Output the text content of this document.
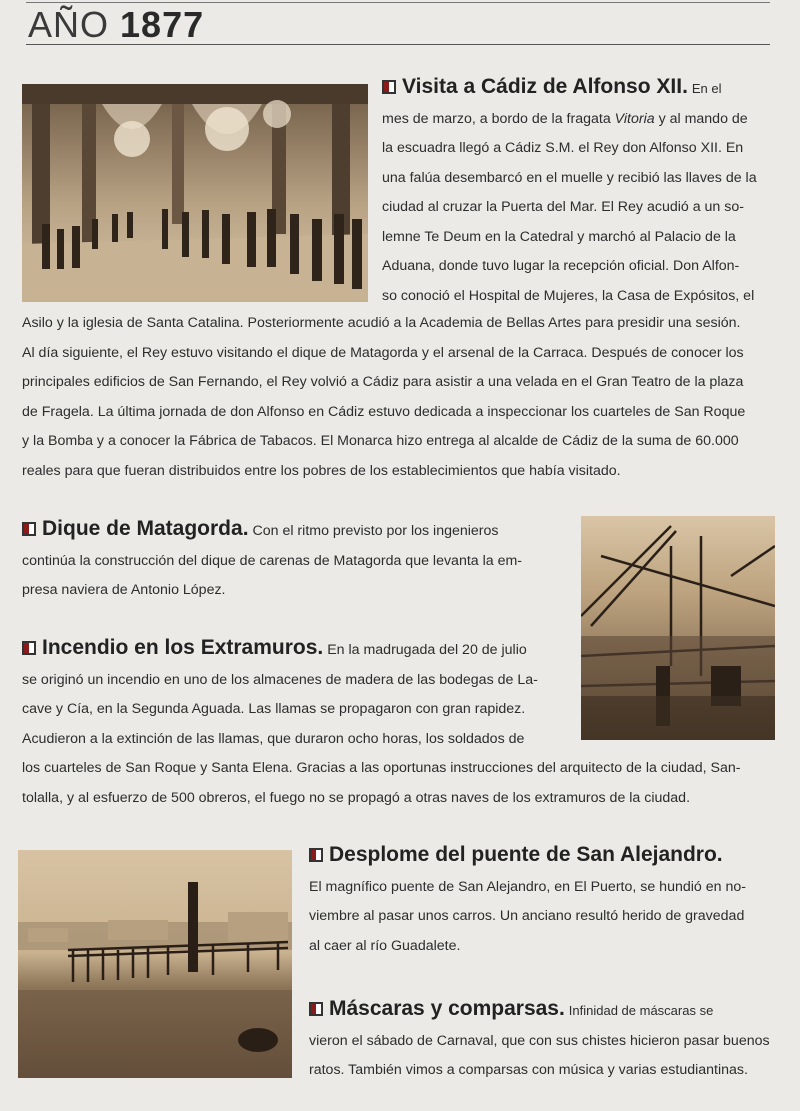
AÑO 1877
Visita a Cádiz de Alfonso XII. En el
mes de marzo, a bordo de la fragata Vitoria y al mando de
la escuadra llegó a Cádiz S.M. el Rey don Alfonso XII. En
una falúa desembarcó en el muelle y recibió las llaves de la
ciudad al cruzar la Puerta del Mar. El Rey acudió a un so-
lemne Te Deum en la Catedral y marchó al Palacio de la
Aduana, donde tuvo lugar la recepción oficial. Don Alfon-
so conoció el Hospital de Mujeres, la Casa de Expósitos, el
Asilo y la iglesia de Santa Catalina. Posteriormente acudió a la Academia de Bellas Artes para presidir una sesión.
Al día siguiente, el Rey estuvo visitando el dique de Matagorda y el arsenal de la Carraca. Después de conocer los
principales edificios de San Fernando, el Rey volvió a Cádiz para asistir a una velada en el Gran Teatro de la plaza
de Fragela. La última jornada de don Alfonso en Cádiz estuvo dedicada a inspeccionar los cuarteles de San Roque
y la Bomba y a conocer la Fábrica de Tabacos. El Monarca hizo entrega al alcalde de Cádiz de la suma de 60.000
reales para que fueran distribuidos entre los pobres de los establecimientos que había visitado.
Dique de Matagorda. Con el ritmo previsto por los ingenieros
continúa la construcción del dique de carenas de Matagorda que levanta la em-
presa naviera de Antonio López.
Incendio en los Extramuros. En la madrugada del 20 de julio
se originó un incendio en uno de los almacenes de madera de las bodegas de La-
cave y Cía, en la Segunda Aguada. Las llamas se propagaron con gran rapidez.
Acudieron a la extinción de las llamas, que duraron ocho horas, los soldados de
los cuarteles de San Roque y Santa Elena. Gracias a las oportunas instrucciones del arquitecto de la ciudad, San-
tolalla, y al esfuerzo de 500 obreros, el fuego no se propagó a otras naves de los extramuros de la ciudad.
Desplome del puente de San Alejandro.
El magnífico puente de San Alejandro, en El Puerto, se hundió en no-
viembre al pasar unos carros. Un anciano resultó herido de gravedad
al caer al río Guadalete.
Máscaras y comparsas. Infinidad de máscaras se
vieron el sábado de Carnaval, que con sus chistes hicieron pasar buenos
ratos. También vimos a comparsas con música y varias estudiantinas.
